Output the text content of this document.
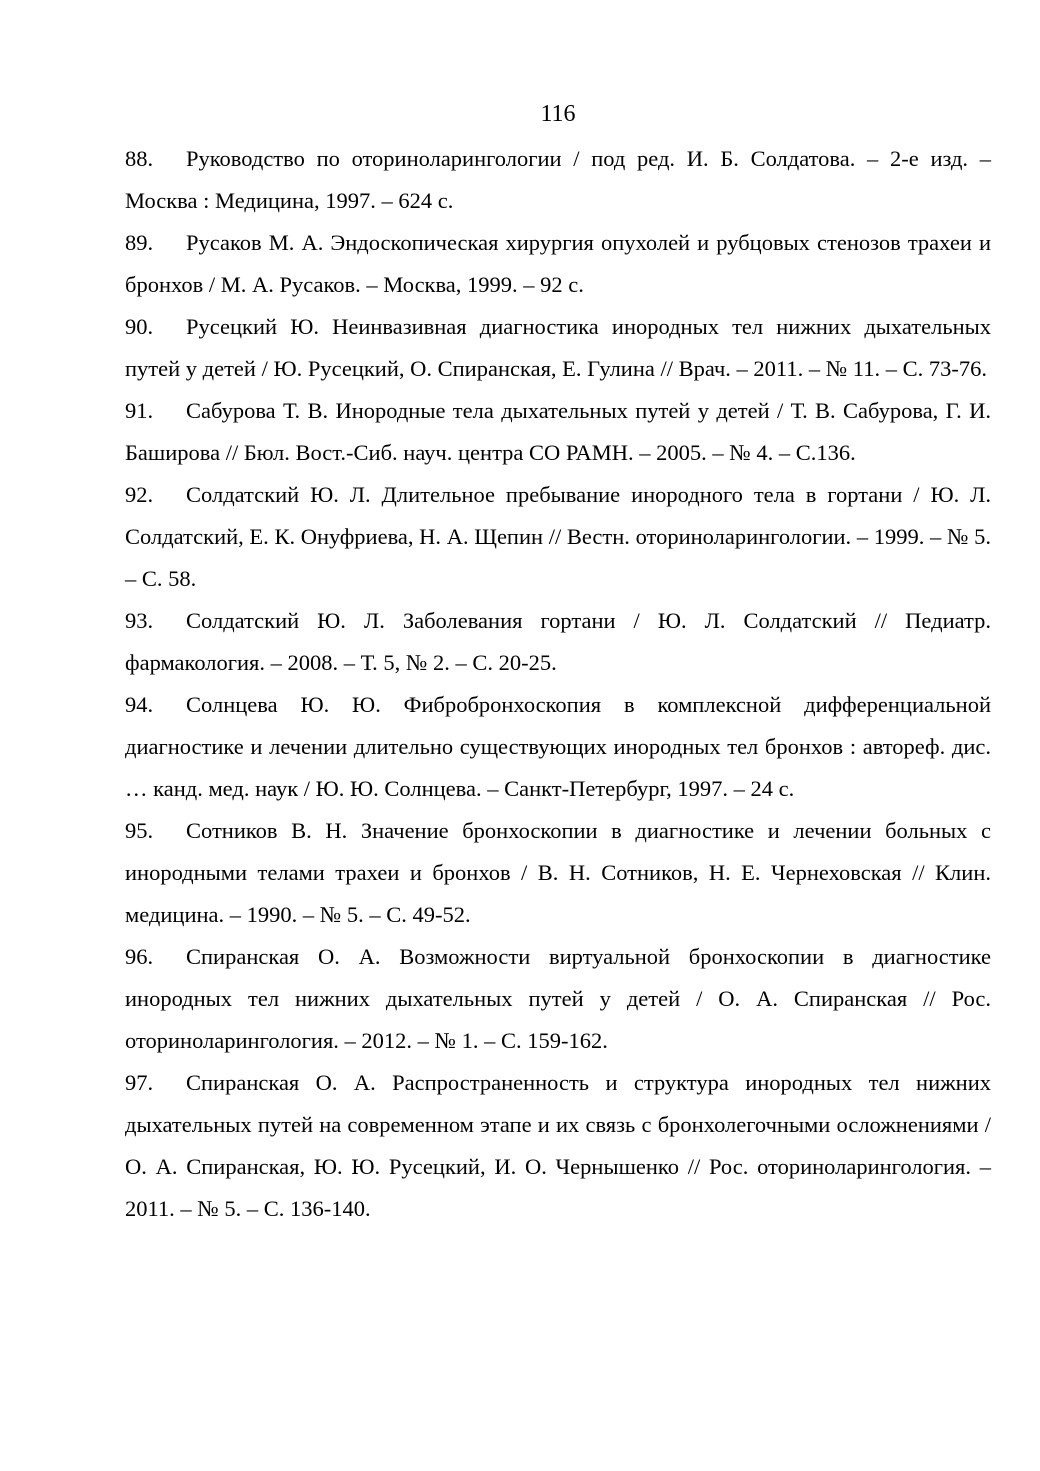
116
88. Руководство по оториноларингологии / под ред. И. Б. Солдатова. – 2-е изд. – Москва : Медицина, 1997. – 624 с.
89. Русаков М. А. Эндоскопическая хирургия опухолей и рубцовых стенозов трахеи и бронхов / М. А. Русаков. – Москва, 1999. – 92 с.
90. Русецкий Ю. Неинвазивная диагностика инородных тел нижних дыхательных путей у детей / Ю. Русецкий, О. Спиранская, Е. Гулина // Врач. – 2011. – № 11. – С. 73-76.
91. Сабурова Т. В. Инородные тела дыхательных путей у детей / Т. В. Сабурова, Г. И. Баширова // Бюл. Вост.-Сиб. науч. центра СО РАМН. – 2005. – № 4. – С.136.
92. Солдатский Ю. Л. Длительное пребывание инородного тела в гортани / Ю. Л. Солдатский, Е. К. Онуфриева, Н. А. Щепин // Вестн. оториноларингологии. – 1999. – № 5. – С. 58.
93. Солдатский Ю. Л. Заболевания гортани / Ю. Л. Солдатский // Педиатр. фармакология. – 2008. – Т. 5, № 2. – С. 20-25.
94. Солнцева Ю. Ю. Фибробронхоскопия в комплексной дифференциальной диагностике и лечении длительно существующих инородных тел бронхов : автореф. дис. … канд. мед. наук / Ю. Ю. Солнцева. – Санкт-Петербург, 1997. – 24 с.
95. Сотников В. Н. Значение бронхоскопии в диагностике и лечении больных с инородными телами трахеи и бронхов / В. Н. Сотников, Н. Е. Чернеховская // Клин. медицина. – 1990. – № 5. – С. 49-52.
96. Спиранская О. А. Возможности виртуальной бронхоскопии в диагностике инородных тел нижних дыхательных путей у детей / О. А. Спиранская // Рос. оториноларингология. – 2012. – № 1. – С. 159-162.
97. Спиранская О. А. Распространенность и структура инородных тел нижних дыхательных путей на современном этапе и их связь с бронхолегочными осложнениями / О. А. Спиранская, Ю. Ю. Русецкий, И. О. Чернышенко // Рос. оториноларингология. – 2011. – № 5. – С. 136-140.
